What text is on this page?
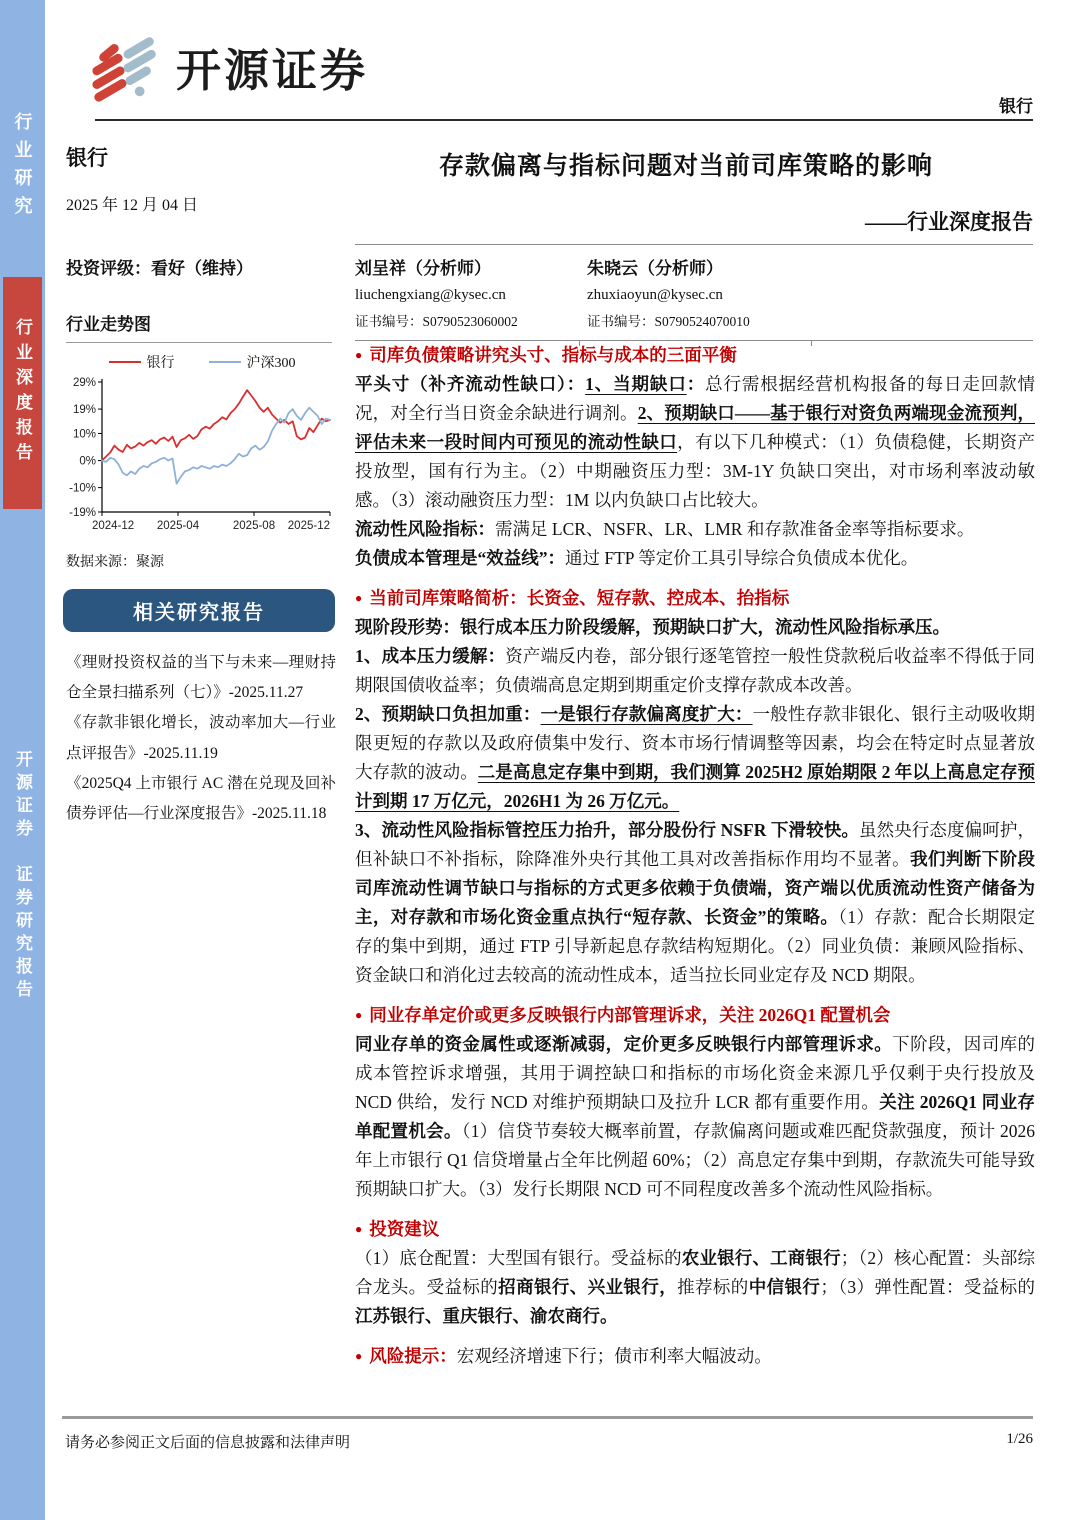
行业研究
行业深度报告
开源证券　证券研究报告
开源证券
银行
银行
2025 年 12 月 04 日
投资评级：看好（维持）
行业走势图
银行	沪深300
29%
19%
10%
0%
-10%
-19%
2024-12 2025-04	2025-08 2025-12
数据来源：聚源
相关研究报告

《理财投资权益的当下与未来—理财持仓全景扫描系列（七）》-2025.11.27

《存款非银化增长，波动率加大—行业点评报告》-2025.11.19

《2025Q4 上市银行 AC 潜在兑现及回补债券评估—行业深度报告》-2025.11.18

存款偏离与指标问题对当前司库策略的影响
——行业深度报告
刘呈祥（分析师）
liuchengxiang@kysec.cn
证书编号：S0790523060002
朱晓云（分析师）
zhuxiaoyun@kysec.cn
证书编号：S0790524070010
● 司库负债策略讲究头寸、指标与成本的三面平衡

平头寸（补齐流动性缺口）：1、当期缺口：总行需根据经营机构报备的每日走回款情况，对全行当日资金余缺进行调剂。2、预期缺口——基于银行对资负两端现金流预判，评估未来一段时间内可预见的流动性缺口，有以下几种模式：（1）负债稳健，长期资产投放型，国有行为主。（2）中期融资压力型：3M-1Y 负缺口突出，对市场利率波动敏感。（3）滚动融资压力型：1M 以内负缺口占比较大。

流动性风险指标：需满足 LCR、NSFR、LR、LMR 和存款准备金率等指标要求。

负债成本管理是“效益线”：通过 FTP 等定价工具引导综合负债成本优化。

● 当前司库策略简析：长资金、短存款、控成本、抬指标

现阶段形势：银行成本压力阶段缓解，预期缺口扩大，流动性风险指标承压。

1、成本压力缓解：资产端反内卷，部分银行逐笔管控一般性贷款税后收益率不得低于同期限国债收益率；负债端高息定期到期重定价支撑存款成本改善。

2、预期缺口负担加重：一是银行存款偏离度扩大：一般性存款非银化、银行主动吸收期限更短的存款以及政府债集中发行、资本市场行情调整等因素，均会在特定时点显著放大存款的波动。二是高息定存集中到期，我们测算 2025H2 原始期限 2 年以上高息定存预计到期 17 万亿元，2026H1 为 26 万亿元。

3、流动性风险指标管控压力抬升，部分股份行 NSFR 下滑较快。虽然央行态度偏呵护，但补缺口不补指标，除降准外央行其他工具对改善指标作用均不显著。我们判断下阶段司库流动性调节缺口与指标的方式更多依赖于负债端，资产端以优质流动性资产储备为主，对存款和市场化资金重点执行“短存款、长资金”的策略。（1）存款：配合长期限定存的集中到期，通过 FTP 引导新起息存款结构短期化。（2）同业负债：兼顾风险指标、资金缺口和消化过去较高的流动性成本，适当拉长同业定存及 NCD 期限。

● 同业存单定价或更多反映银行内部管理诉求，关注 2026Q1 配置机会

同业存单的资金属性或逐渐减弱，定价更多反映银行内部管理诉求。下阶段，因司库的成本管控诉求增强，其用于调控缺口和指标的市场化资金来源几乎仅剩于央行投放及 NCD 供给，发行 NCD 对维护预期缺口及拉升 LCR 都有重要作用。关注 2026Q1 同业存单配置机会。（1）信贷节奏较大概率前置，存款偏离问题或难匹配贷款强度，预计 2026 年上市银行 Q1 信贷增量占全年比例超 60%；（2）高息定存集中到期，存款流失可能导致预期缺口扩大。（3）发行长期限 NCD 可不同程度改善多个流动性风险指标。

● 投资建议

（1）底仓配置：大型国有银行。受益标的农业银行、工商银行；（2）核心配置：头部综合龙头。受益标的招商银行、兴业银行，推荐标的中信银行；（3）弹性配置：受益标的江苏银行、重庆银行、渝农商行。

● 风险提示：宏观经济增速下行；债市利率大幅波动。
请务必参阅正文后面的信息披露和法律声明	1/26
